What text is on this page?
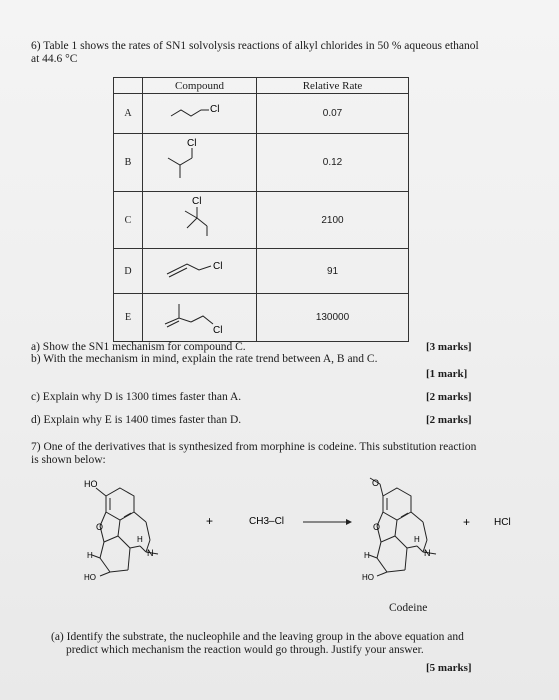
6) Table 1 shows the rates of SN1 solvolysis reactions of alkyl chlorides in 50 % aqueous ethanol
at 44.6 °C
	Compound	Relative Rate
A	Cl	0.07
B	Cl	0.12
C	Cl	2100
D	Cl	91
E	Cl	130000
a) Show the SN1 mechanism for compound C.	[3 marks]
b) With the mechanism in mind, explain the rate trend between A, B and C.
[1 mark]
c) Explain why D is 1300 times faster than A.	[2 marks]
d) Explain why E is 1400 times faster than D.	[2 marks]
7) One of the derivatives that is synthesized from morphine is codeine. This substitution reaction
is shown below:
HO
O
H
H
N
HO
+	CH3–Cl
O
O
H
H
N
HO
+ HCl
Codeine
(a) Identify the substrate, the nucleophile and the leaving group in the above equation and
predict which mechanism the reaction would go through. Justify your answer.
[5 marks]
